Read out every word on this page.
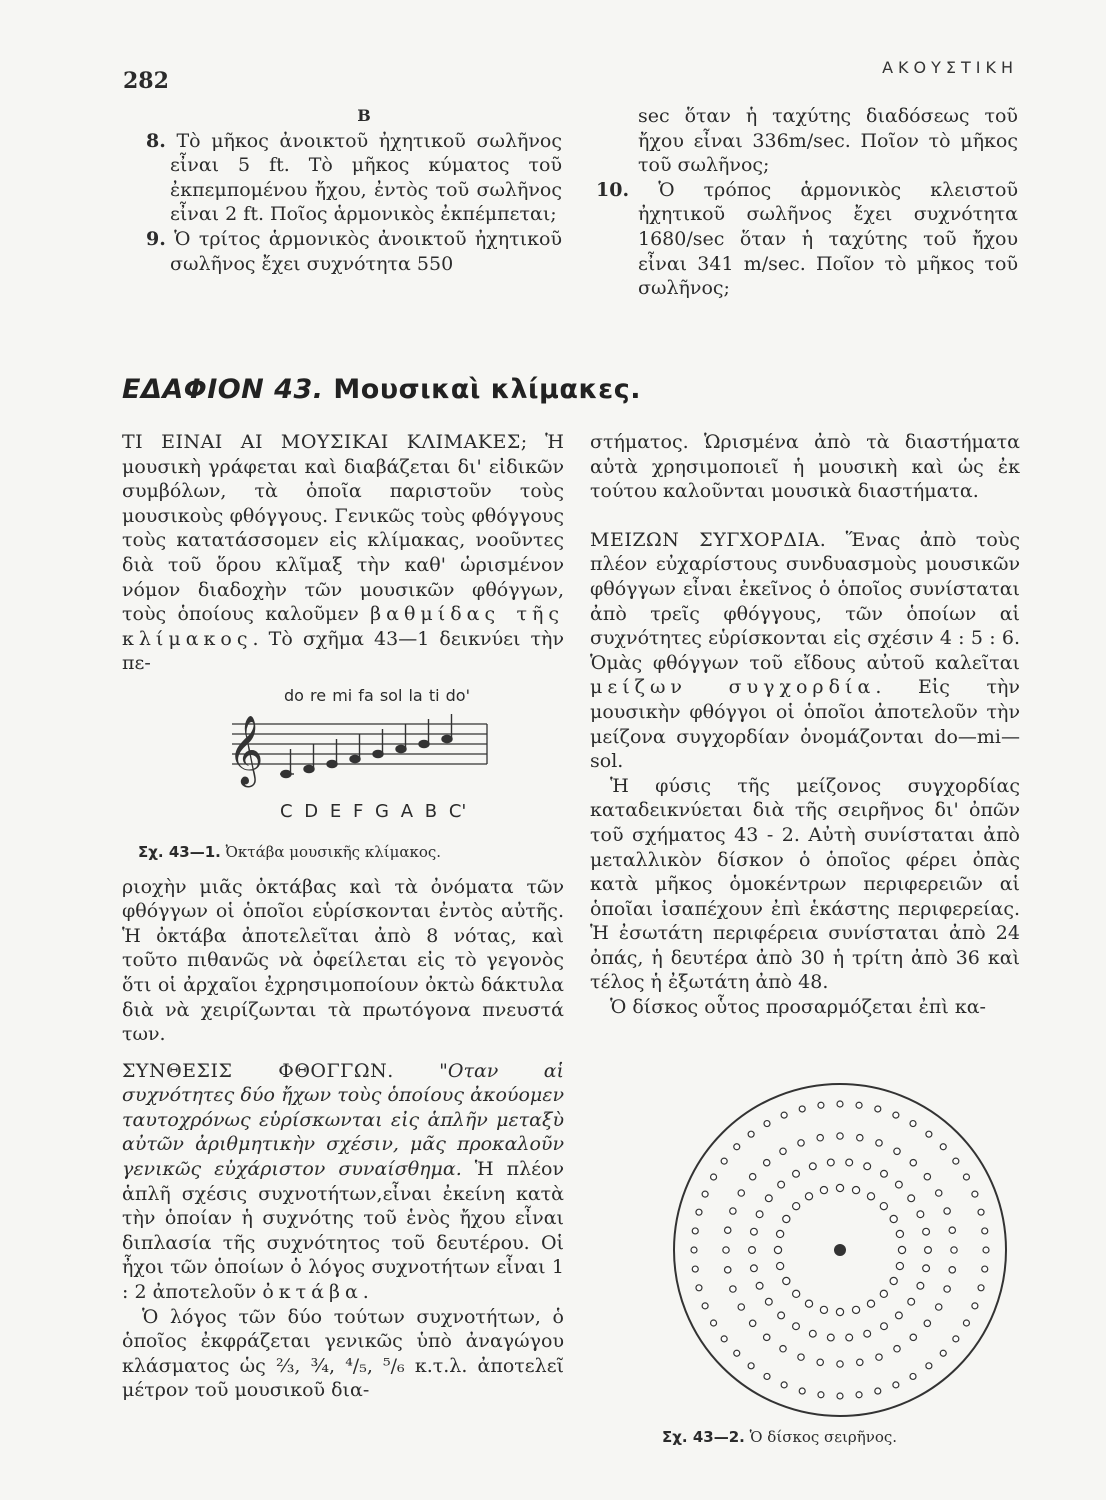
282
ΑΚΟΥΣΤΙΚΗ
Β

8. Τὸ μῆκος ἀνοικτοῦ ἠχητικοῦ σωλῆνος εἶναι 5 ft. Τὸ μῆκος κύματος τοῦ ἐκπεμπομένου ἤχου, ἐντὸς τοῦ σωλῆνος εἶναι 2 ft. Ποῖος ἁρμονικὸς ἐκπέμπεται;

9. Ὁ τρίτος ἁρμονικὸς ἀνοικτοῦ ἠχητικοῦ σωλῆνος ἔχει συχνότητα 550

sec ὅταν ἡ ταχύτης διαδόσεως τοῦ ἤχου εἶναι 336m/sec. Ποῖον τὸ μῆκος τοῦ σωλῆνος;

10. Ὁ τρόπος ἁρμονικὸς κλειστοῦ ἠχητικοῦ σωλῆνος ἔχει συχνότητα 1680/sec ὅταν ἡ ταχύτης τοῦ ἤχου εἶναι 341 m/sec. Ποῖον τὸ μῆκος τοῦ σωλῆνος;

ΕΔΑΦΙΟΝ 43. Μουσικαὶ κλίμακες.

ΤΙ ΕΙΝΑΙ ΑΙ ΜΟΥΣΙΚΑΙ ΚΛΙΜΑΚΕΣ; Ἡ μουσικὴ γράφεται καὶ διαβάζεται δι' εἰδικῶν συμβόλων, τὰ ὁποῖα παριστοῦν τοὺς μουσικοὺς φθόγγους. Γενικῶς τοὺς φθόγγους τοὺς κατατάσσομεν εἰς κλίμακας, νοοῦντες διὰ τοῦ ὅρου κλῖμαξ τὴν καθ' ὡρισμένον νόμον διαδοχὴν τῶν μουσικῶν φθόγγων, τοὺς ὁποίους καλοῦμεν βαθμίδας τῆς κλίμακος. Τὸ σχῆμα 43—1 δεικνύει τὴν πε-

do re mi fa sol la ti do'
𝄞
C D E F G A B C'
Σχ. 43—1. Ὀκτάβα μουσικῆς κλίμακος.

ριοχὴν μιᾶς ὀκτάβας καὶ τὰ ὀνόματα τῶν φθόγγων οἱ ὁποῖοι εὑρίσκονται ἐντὸς αὐτῆς. Ἡ ὀκτάβα ἀποτελεῖται ἀπὸ 8 νότας, καὶ τοῦτο πιθανῶς νὰ ὀφείλεται εἰς τὸ γεγονὸς ὅτι οἱ ἀρχαῖοι ἐχρησιμοποίουν ὀκτὼ δάκτυλα διὰ νὰ χειρίζωνται τὰ πρωτόγονα πνευστά των.

ΣΥΝΘΕΣΙΣ ΦΘΟΓΓΩΝ. "Οταν αἱ συχνότητες δύο ἤχων τοὺς ὁποίους ἀκούομεν ταυτοχρόνως εὑρίσκωνται εἰς ἁπλῆν μεταξὺ αὐτῶν ἀριθμητικὴν σχέσιν, μᾶς προκαλοῦν γενικῶς εὐχάριστον συναίσθημα. Ἡ πλέον ἁπλῆ σχέσις συχνοτήτων,εἶναι ἐκείνη κατὰ τὴν ὁποίαν ἡ συχνότης τοῦ ἑνὸς ἤχου εἶναι διπλασία τῆς συχνότητος τοῦ δευτέρου. Οἱ ἦχοι τῶν ὁποίων ὁ λόγος συχνοτήτων εἶναι 1 : 2 ἀποτελοῦν ὀκτάβα.

Ὁ λόγος τῶν δύο τούτων συχνοτήτων, ὁ ὁποῖος ἐκφράζεται γενικῶς ὑπὸ ἀναγώγου κλάσματος ὡς ⅔, ¾, ⁴/₅, ⁵/₆ κ.τ.λ. ἀποτελεῖ μέτρον τοῦ μουσικοῦ δια-

στήματος. Ὡρισμένα ἀπὸ τὰ διαστήματα αὐτὰ χρησιμοποιεῖ ἡ μουσικὴ καὶ ὡς ἐκ τούτου καλοῦνται μουσικὰ διαστήματα.

ΜΕΙΖΩΝ ΣΥΓΧΟΡΔΙΑ. Ἕνας ἀπὸ τοὺς πλέον εὐχαρίστους συνδυασμοὺς μουσικῶν φθόγγων εἶναι ἐκεῖνος ὁ ὁποῖος συνίσταται ἀπὸ τρεῖς φθόγγους, τῶν ὁποίων αἱ συχνότητες εὑρίσκονται εἰς σχέσιν 4 : 5 : 6. Ὁμὰς φθόγγων τοῦ εἴδους αὐτοῦ καλεῖται μείζων συγχορδία. Εἰς τὴν μουσικὴν φθόγγοι οἱ ὁποῖοι ἀποτελοῦν τὴν μείζονα συγχορδίαν ὀνομάζονται do—mi—sol.

Ἡ φύσις τῆς μείζονος συγχορδίας καταδεικνύεται διὰ τῆς σειρῆνος δι' ὀπῶν τοῦ σχήματος 43 - 2. Αὐτὴ συνίσταται ἀπὸ μεταλλικὸν δίσκον ὁ ὁποῖος φέρει ὀπὰς κατὰ μῆκος ὁμοκέντρων περιφερειῶν αἱ ὁποῖαι ἰσαπέχουν ἐπὶ ἑκάστης περιφερείας. Ἡ ἐσωτάτη περιφέρεια συνίσταται ἀπὸ 24 ὀπάς, ἡ δευτέρα ἀπὸ 30 ἡ τρίτη ἀπὸ 36 καὶ τέλος ἡ ἐξωτάτη ἀπὸ 48.

Ὁ δίσκος οὗτος προσαρμόζεται ἐπὶ κα-

Σχ. 43—2. Ὁ δίσκος σειρῆνος.
